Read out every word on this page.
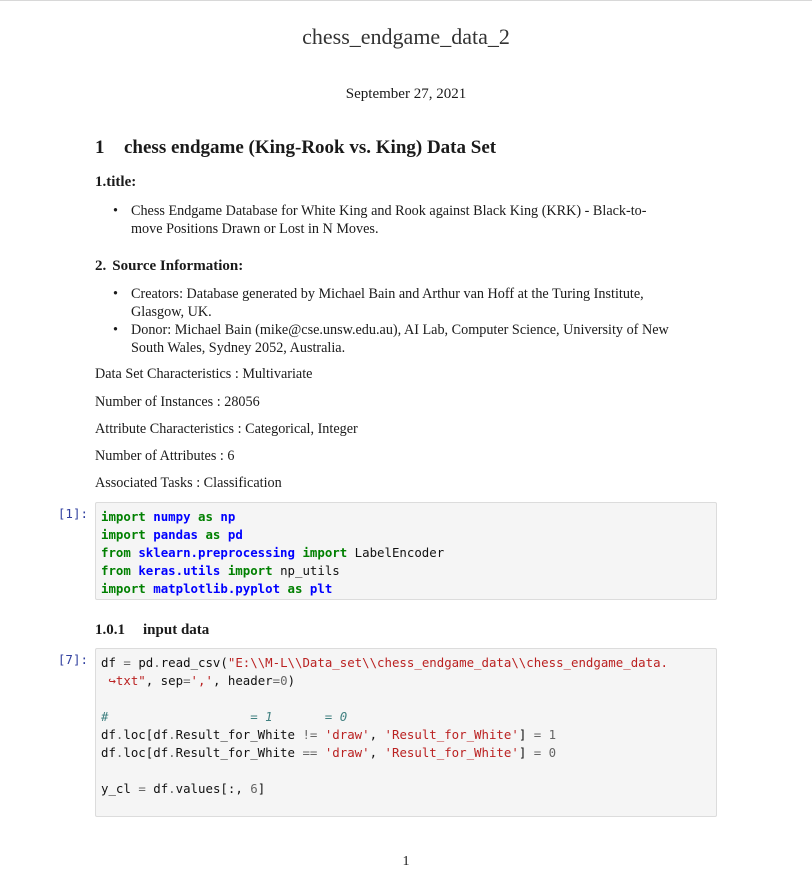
chess_endgame_data_2
September 27, 2021
1 chess endgame (King-Rook vs. King) Data Set
1.title:
• Chess Endgame Database for White King and Rook against Black King (KRK) - Black-to-
move Positions Drawn or Lost in N Moves.
2. Source Information:
• Creators: Database generated by Michael Bain and Arthur van Hoff at the Turing Institute,
Glasgow, UK.
• Donor: Michael Bain (mike@cse.unsw.edu.au), AI Lab, Computer Science, University of New
South Wales, Sydney 2052, Australia.
Data Set Characteristics : Multivariate
Number of Instances : 28056
Attribute Characteristics : Categorical, Integer
Number of Attributes : 6
Associated Tasks : Classification
[1]: import numpy as np
import pandas as pd
from sklearn.preprocessing import LabelEncoder
from keras.utils import np_utils
import matplotlib.pyplot as plt
1.0.1 input data
[7]: df = pd.read_csv("E:\\M-L\\Data_set\\chess_endgame_data\\chess_endgame_data.
↪txt", sep=',', header=0)
#                   = 1       = 0
df.loc[df.Result_for_White != 'draw', 'Result_for_White'] = 1
df.loc[df.Result_for_White == 'draw', 'Result_for_White'] = 0
y_cl = df.values[:, 6]
1
